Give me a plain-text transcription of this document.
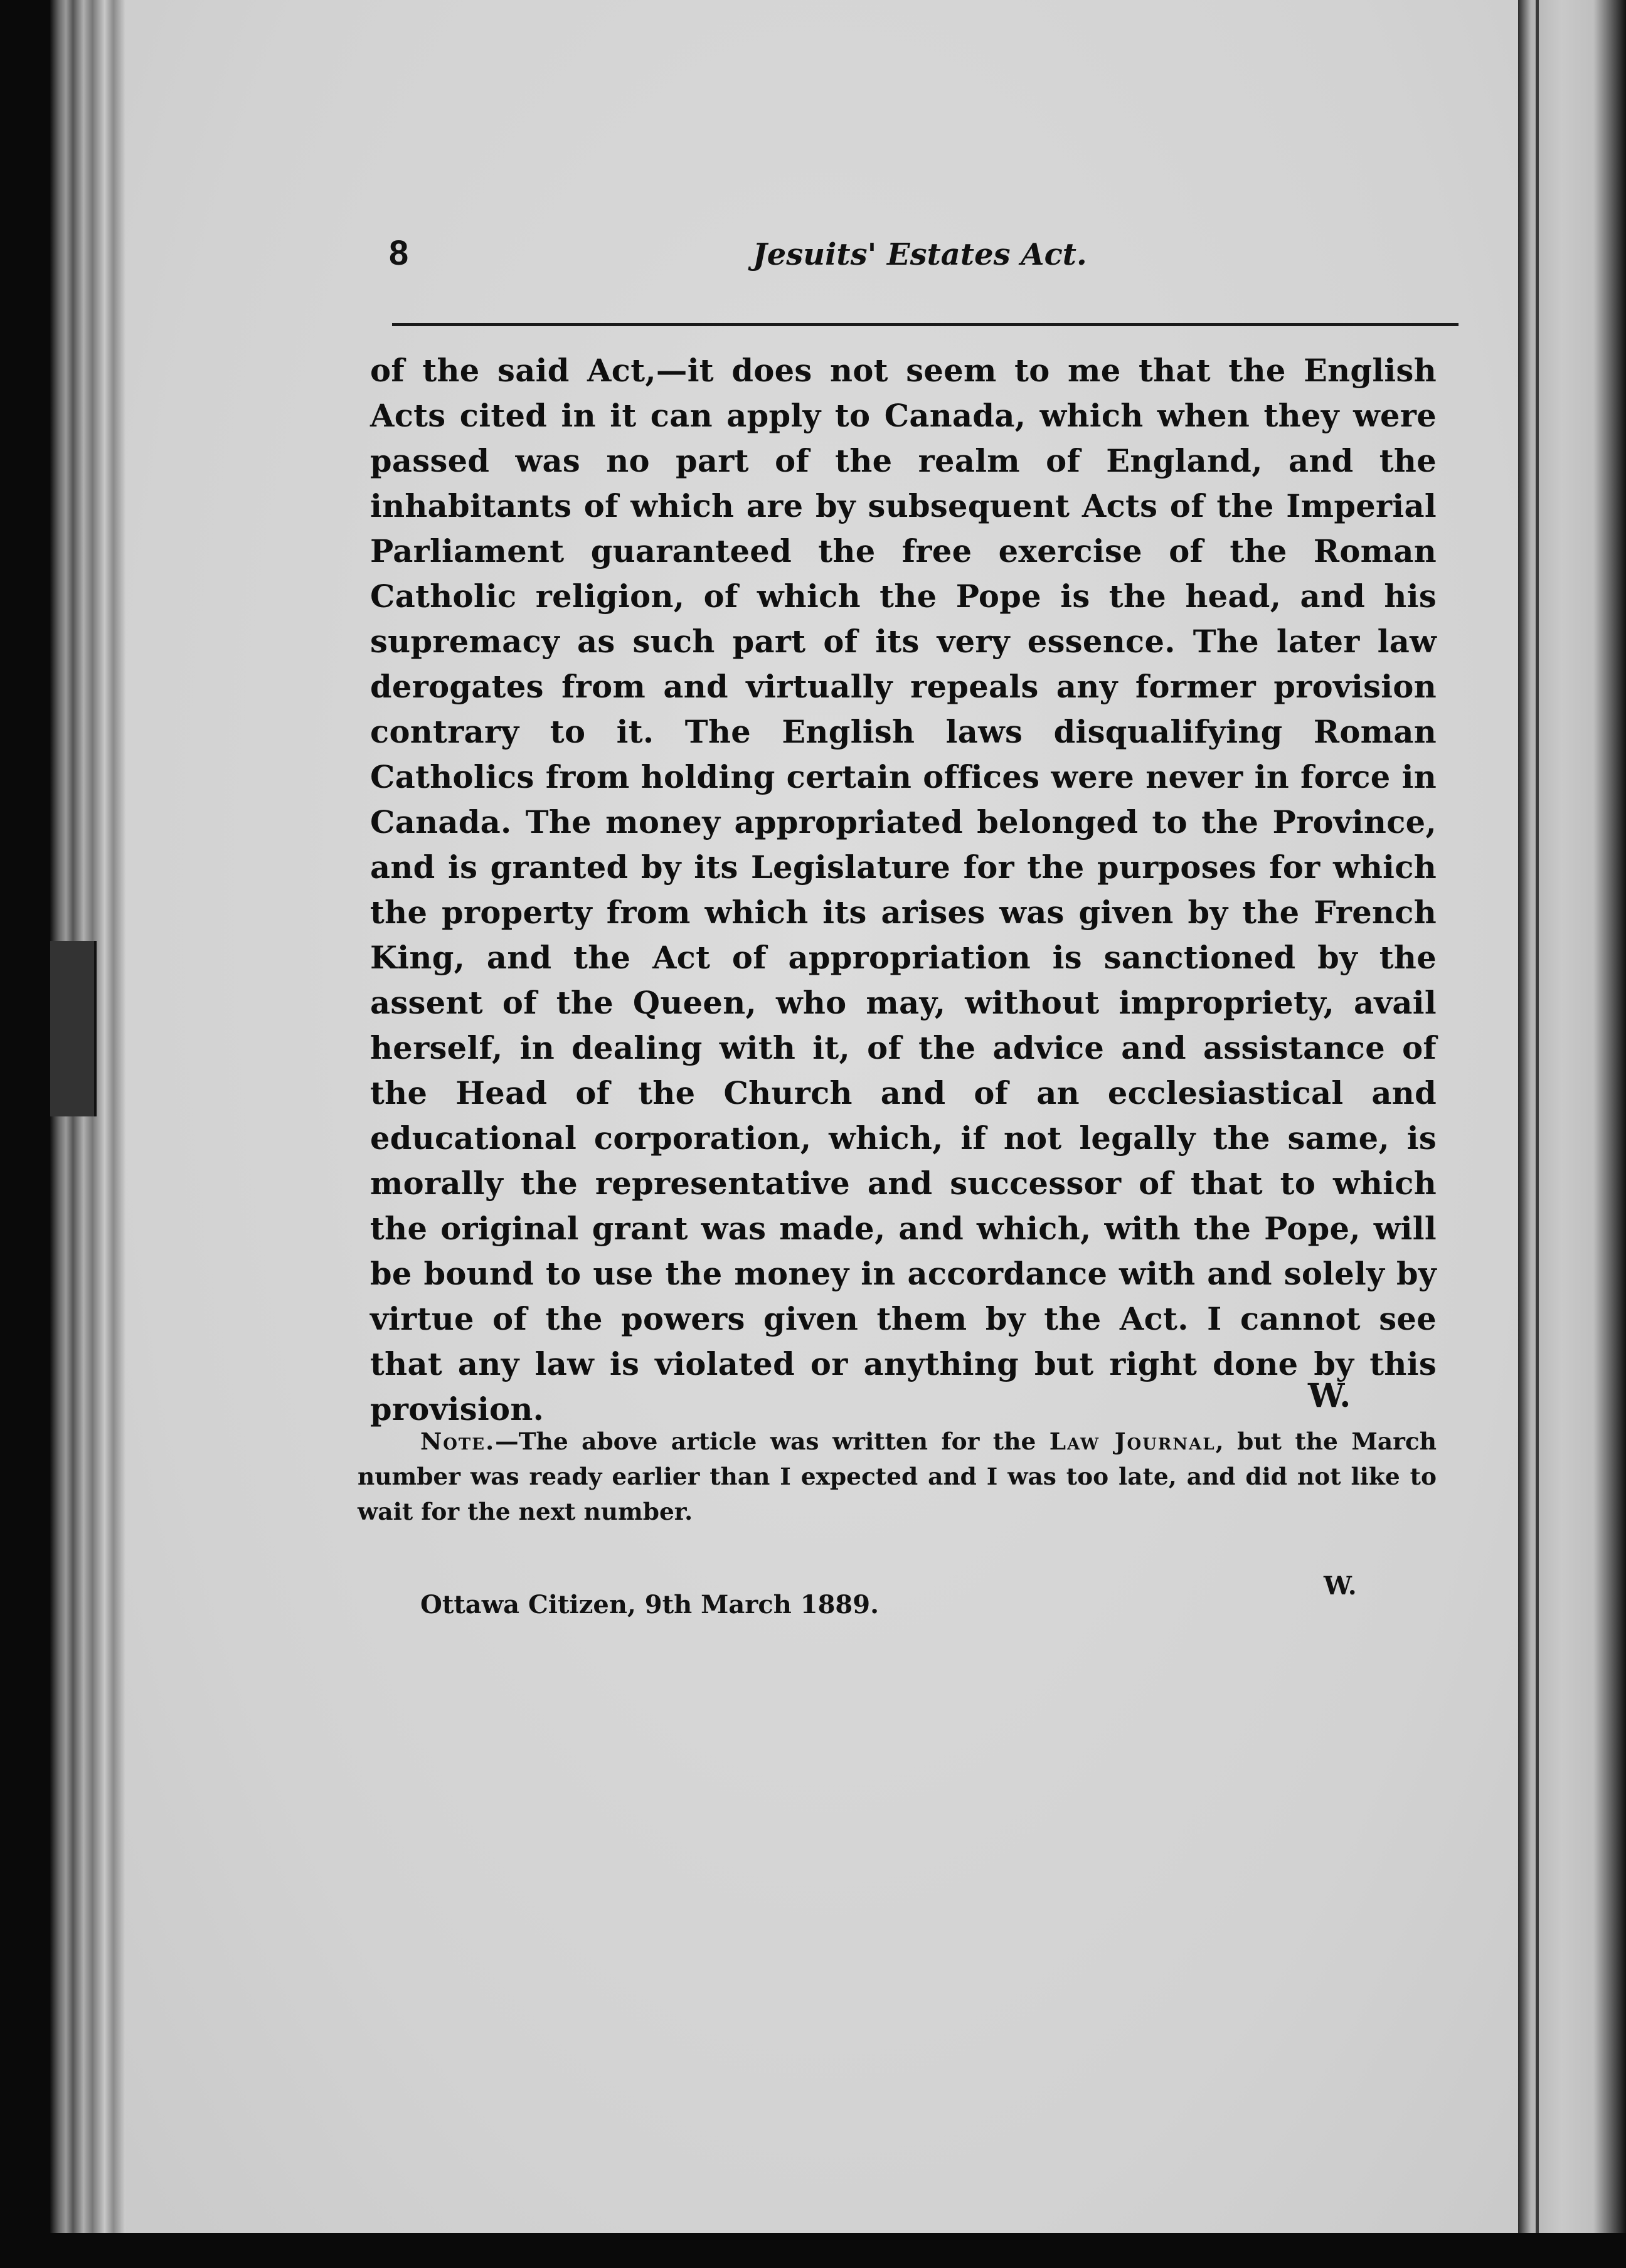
8	Jesuits' Estates Act.

of the said Act,—it does not seem to me that the English Acts cited in it can apply to Canada, which when they were passed was no part of the realm of England, and the inhabitants of which are by subsequent Acts of the Imperial Parliament guaranteed the free exercise of the Roman Catholic religion, of which the Pope is the head, and his supremacy as such part of its very essence. The later law derogates from and virtually repeals any former provision contrary to it. The English laws disqualifying Roman Catholics from holding certain offices were never in force in Canada. The money appropriated belonged to the Province, and is granted by its Legislature for the purposes for which the property from which its arises was given by the French King, and the Act of appropriation is sanctioned by the assent of the Queen, who may, without impropriety, avail herself, in dealing with it, of the advice and assistance of the Head of the Church and of an ecclesiastical and educational corporation, which, if not legally the same, is morally the representative and successor of that to which the original grant was made, and which, with the Pope, will be bound to use the money in accordance with and solely by virtue of the powers given them by the Act. I cannot see that any law is violated or anything but right done by this provision.	W.
Note.—The above article was written for the Law Journal, but the March number was ready earlier than I expected and I was too late, and did not like to wait for the next number.
W.
Ottawa Citizen, 9th March 1889.
